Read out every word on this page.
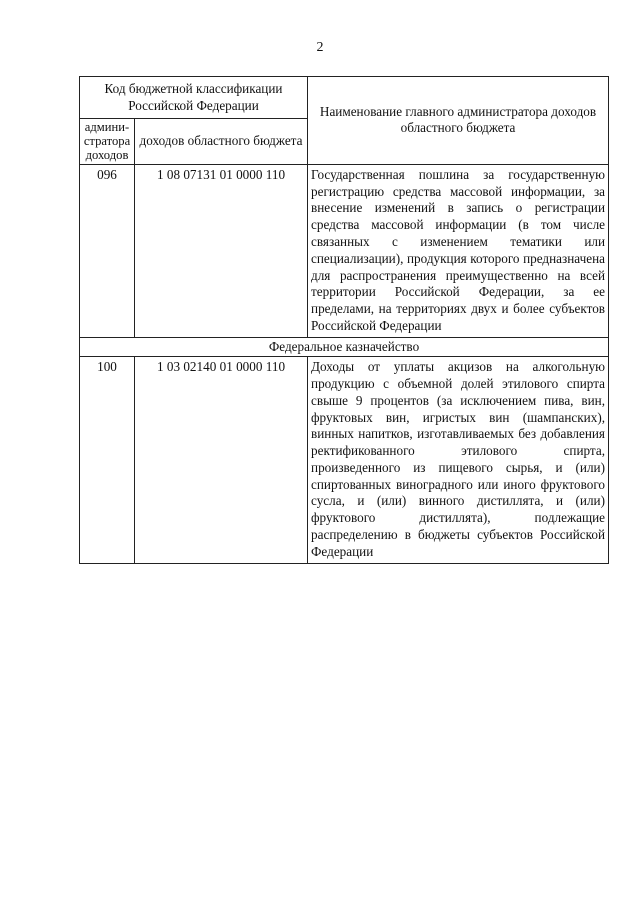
2
Код бюджетной классификации Российской Федерации		Наименование главного администратора доходов областного бюджета
админи-стратора доходов	доходов областного бюджета	
096	1 08 07131 01 0000 110	Государственная пошлина за государственную регистрацию средства массовой информации, за внесение изменений в запись о регистрации средства массовой информации (в том числе связанных с изменением тематики или специализации), продукция которого предназначена для распространения преимущественно на всей территории Российской Федерации, за ее пределами, на территориях двух и более субъектов Российской Федерации
Федеральное казначейство		
100	1 03 02140 01 0000 110	Доходы от уплаты акцизов на алкогольную продукцию с объемной долей этилового спирта свыше 9 процентов (за исключением пива, вин, фруктовых вин, игристых вин (шампанских), винных напитков, изготавливаемых без добавления ректификованного этилового спирта, произведенного из пищевого сырья, и (или) спиртованных виноградного или иного фруктового сусла, и (или) винного дистиллята, и (или) фруктового дистиллята), подлежащие распределению в бюджеты субъектов Российской Федерации
